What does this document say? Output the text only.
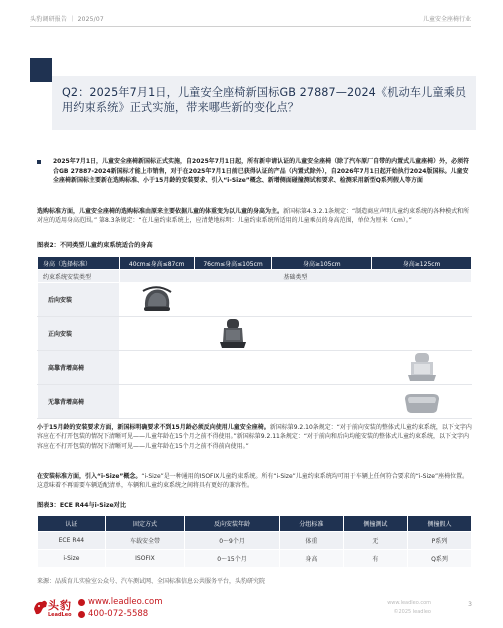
头豹调研报告 ｜ 2025/07	儿童安全座椅行业
Q2：2025年7月1日，儿童安全座椅新国标GB 27887—2024《机动车儿童乘员用约束系统》正式实施，带来哪些新的变化点？
2025年7月1日，儿童安全座椅新国标正式实施，自2025年7月1日起，所有新申请认证的儿童安全座椅（除了汽车原厂自带的内置式儿童座椅）外，必须符合GB 27887-2024新国标才能上市销售，对于在2025年7月1日前已获得认证的产品（内置式除外），自2026年7月1日起开始执行2024版国标。儿童安全座椅新国标主要新在选购标准、小于15月龄的安装要求、引入“i-Size”概念、新增侧面碰撞测试和要求、检测采用新型Q系列假人等方面
选购标准方面，儿童安全座椅的选购标准由原来主要依据儿童的体重变为以儿童的身高为主。新国标第4.3.2.1条规定：“制造商应声明儿童约束系统的各种模式和所对应的适用身高范围。” 第8.3条规定：“在儿童约束系统上，应清楚地标明：儿童约束系统所适用的儿童乘员的身高范围，单位为厘米（cm）。”
图表2：不同类型儿童约束系统适合的身高
身高（选择标准）	40cm≤身高≤87cm	76cm≤身高≤105cm	身高≥105cm	身高≥125cm
约束系统安装类型	基础类型			
后向安装	

正向安装		

高靠背增高椅				

无靠背增高椅				
小于15月龄的安装要求方面，新国标明确要求不到15月龄必须反向使用儿童安全座椅。新国标第9.2.10条规定：“对于前向安装的整体式儿童约束系统，以下文字内容应在不打开包装的情况下清晰可见——儿童年龄在15个月之前不得使用。”新国标第9.2.11条规定：“对于前向和后向均能安装的整体式儿童约束系统，以下文字内容应在不打开包装的情况下清晰可见——儿童年龄在15个月之前不得前向使用。”
在安装标准方面，引入“i-Size”概念。“i-Size”是一种通用的ISOFIX儿童约束系统。所有“i-Size”儿童约束系统均可用于车辆上任何符合要求的“i-Size”座椅位置。这意味着不再需要车辆适配清单，车辆和儿童约束系统之间将具有更好的兼容性。
图表3：ECE R44与i-Size对比
认证	固定方式	反向安装年龄	分组标准	侧撞测试	侧撞假人
ECE R44	车载安全带	0～9个月	体重	无	P系列
i-Size	ISOFIX	0～15个月	身高	有	Q系列
来源：品质育儿实验室公众号、汽车测试网、全国标准信息公共服务平台，头豹研究院
头豹
LeadLeo
www.leadleo.com
400-072-5588
www.leadleo.com
©2025 leadleo
3
